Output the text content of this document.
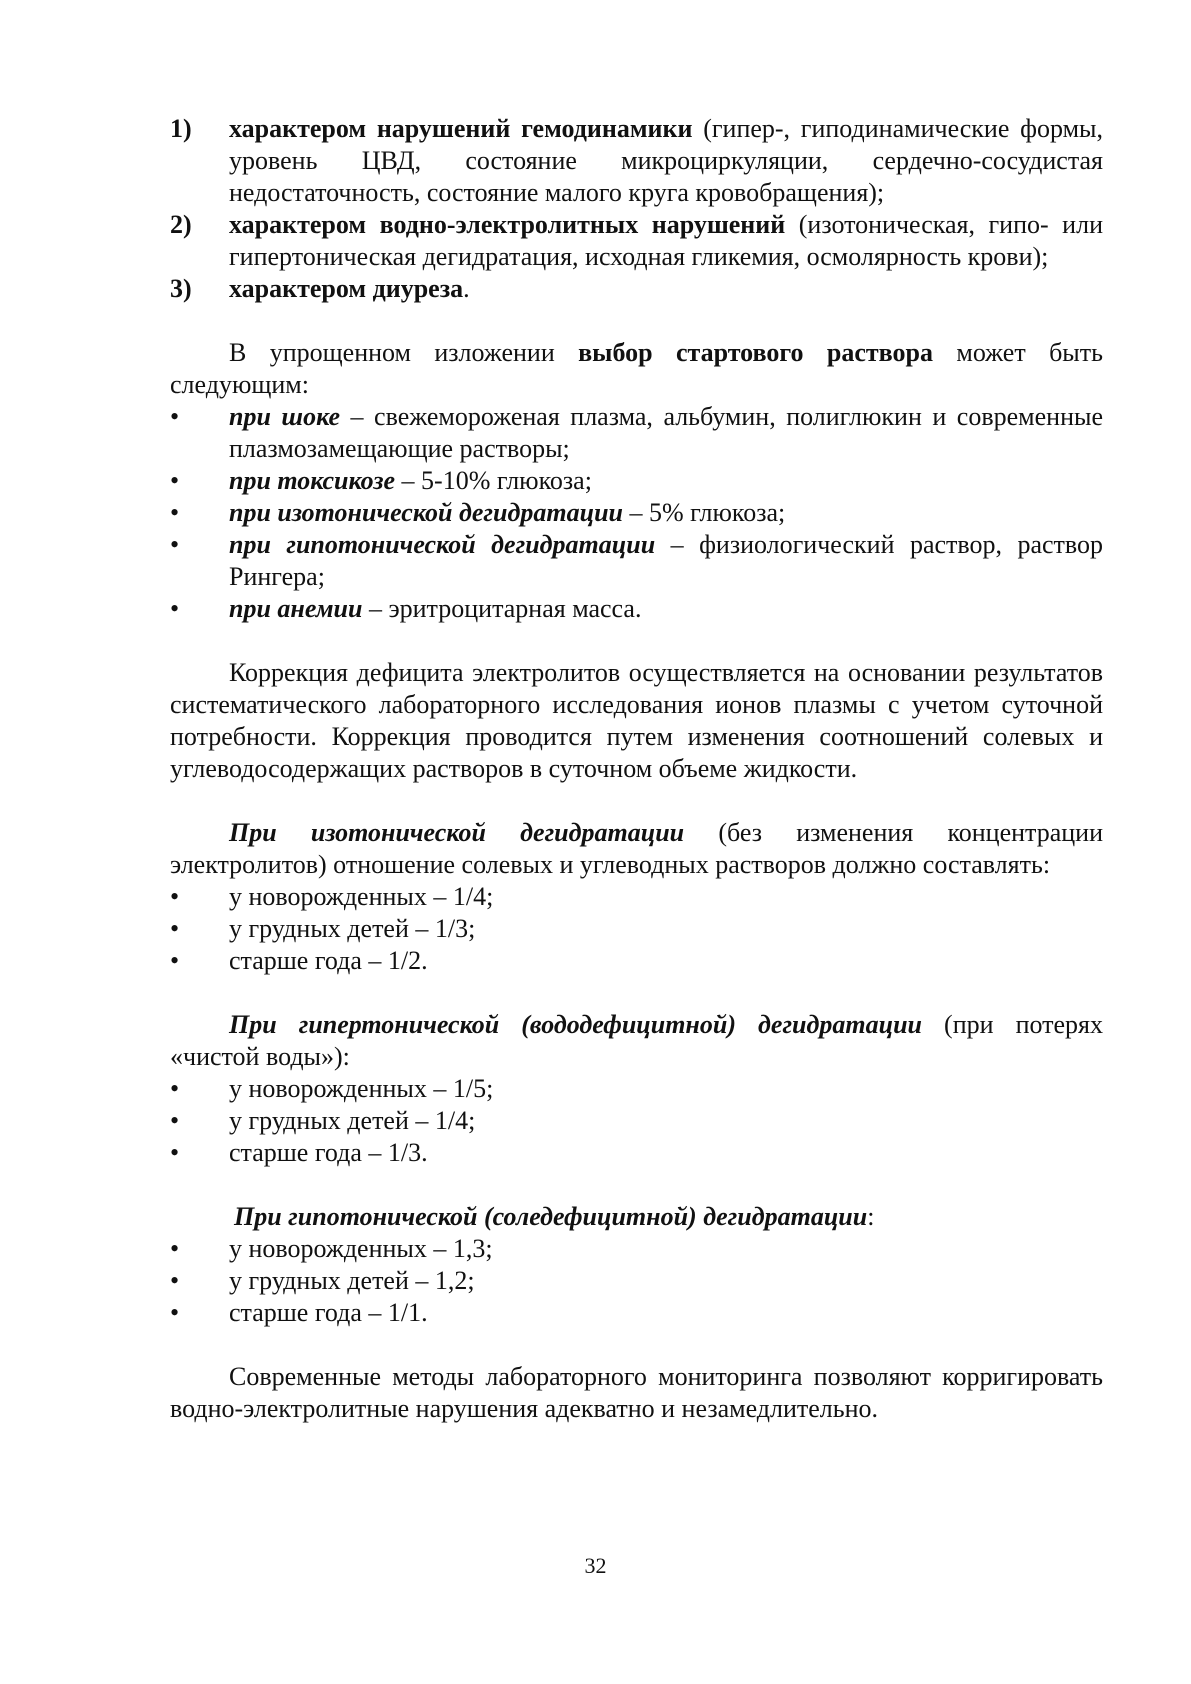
1) характером нарушений гемодинамики (гипер-, гиподинамические формы, уровень ЦВД, состояние микроциркуляции, сердечно-сосудистая недостаточность, состояние малого круга кровобращения);
2) характером водно-электролитных нарушений (изотоническая, гипо- или гипертоническая дегидратация, исходная гликемия, осмолярность крови);
3) характером диуреза.

В упрощенном изложении выбор стартового раствора может быть следующим:

• при шоке – свежемороженая плазма, альбумин, полиглюкин и современные плазмозамещающие растворы;
• при токсикозе – 5-10% глюкоза;
• при изотонической дегидратации – 5% глюкоза;
• при гипотонической дегидратации – физиологический раствор, раствор Рингера;
• при анемии – эритроцитарная масса.

Коррекция дефицита электролитов осуществляется на основании результатов систематического лабораторного исследования ионов плазмы с учетом суточной потребности. Коррекция проводится путем изменения соотношений солевых и углеводосодержащих растворов в суточном объеме жидкости.

При изотонической дегидратации (без изменения концентрации электролитов) отношение солевых и углеводных растворов должно составлять:

• у новорожденных – 1/4;
• у грудных детей – 1/3;
• старше года – 1/2.

При гипертонической (вододефицитной) дегидратации (при потерях «чистой воды»):

• у новорожденных – 1/5;
• у грудных детей – 1/4;
• старше года – 1/3.

При гипотонической (соледефицитной) дегидратации:

• у новорожденных – 1,3;
• у грудных детей – 1,2;
• старше года – 1/1.

Современные методы лабораторного мониторинга позволяют корригировать водно-электролитные нарушения адекватно и незамедлительно.

32
